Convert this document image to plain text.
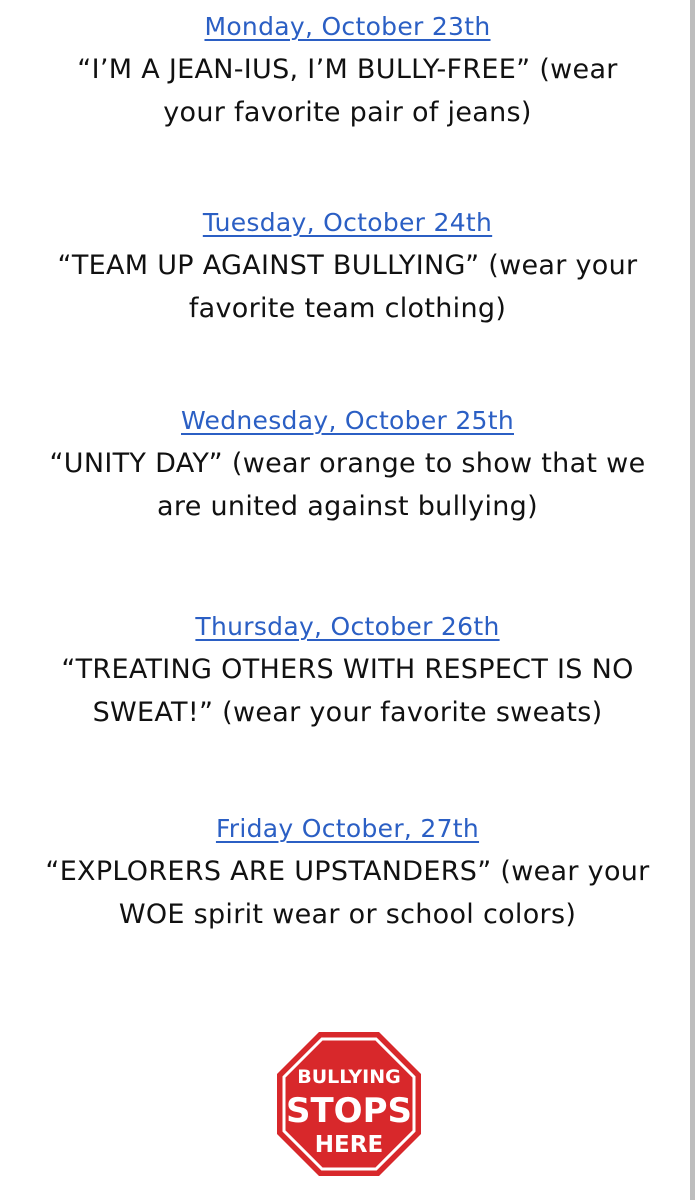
Monday, October 23th
“I’M A JEAN-IUS, I’M BULLY-FREE” (wear your favorite pair of jeans)
Tuesday, October 24th
“TEAM UP AGAINST BULLYING” (wear your favorite team clothing)
Wednesday, October 25th
“UNITY DAY” (wear orange to show that we are united against bullying)
Thursday, October 26th
“TREATING OTHERS WITH RESPECT IS NO SWEAT!” (wear your favorite sweats)
Friday October, 27th
“EXPLORERS ARE UPSTANDERS” (wear your WOE spirit wear or school colors)
BULLYING
STOPS
HERE
